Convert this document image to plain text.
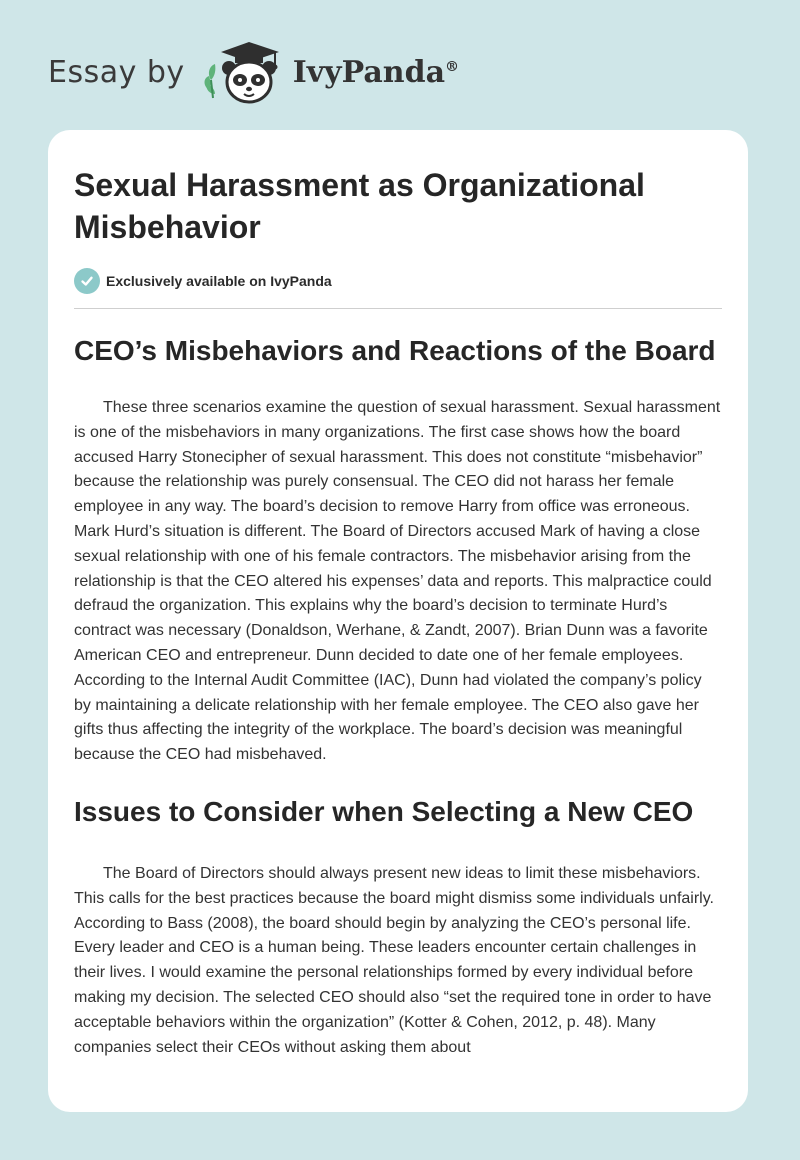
Essay by	IvyPanda®
Sexual Harassment as Organizational Misbehavior
Exclusively available on IvyPanda
CEO’s Misbehaviors and Reactions of the Board

These three scenarios examine the question of sexual harassment. Sexual harassment is one of the misbehaviors in many organizations. The first case shows how the board accused Harry Stonecipher of sexual harassment. This does not constitute “misbehavior” because the relationship was purely consensual. The CEO did not harass her female employee in any way. The board’s decision to remove Harry from office was erroneous. Mark Hurd’s situation is different. The Board of Directors accused Mark of having a close sexual relationship with one of his female contractors. The misbehavior arising from the relationship is that the CEO altered his expenses’ data and reports. This malpractice could defraud the organization. This explains why the board’s decision to terminate Hurd’s contract was necessary (Donaldson, Werhane, & Zandt, 2007). Brian Dunn was a favorite American CEO and entrepreneur. Dunn decided to date one of her female employees. According to the Internal Audit Committee (IAC), Dunn had violated the company’s policy by maintaining a delicate relationship with her female employee. The CEO also gave her gifts thus affecting the integrity of the workplace. The board’s decision was meaningful because the CEO had misbehaved.

Issues to Consider when Selecting a New CEO

The Board of Directors should always present new ideas to limit these misbehaviors. This calls for the best practices because the board might dismiss some individuals unfairly. According to Bass (2008), the board should begin by analyzing the CEO’s personal life. Every leader and CEO is a human being. These leaders encounter certain challenges in their lives. I would examine the personal relationships formed by every individual before making my decision. The selected CEO should also “set the required tone in order to have acceptable behaviors within the organization” (Kotter & Cohen, 2012, p. 48). Many companies select their CEOs without asking them about
